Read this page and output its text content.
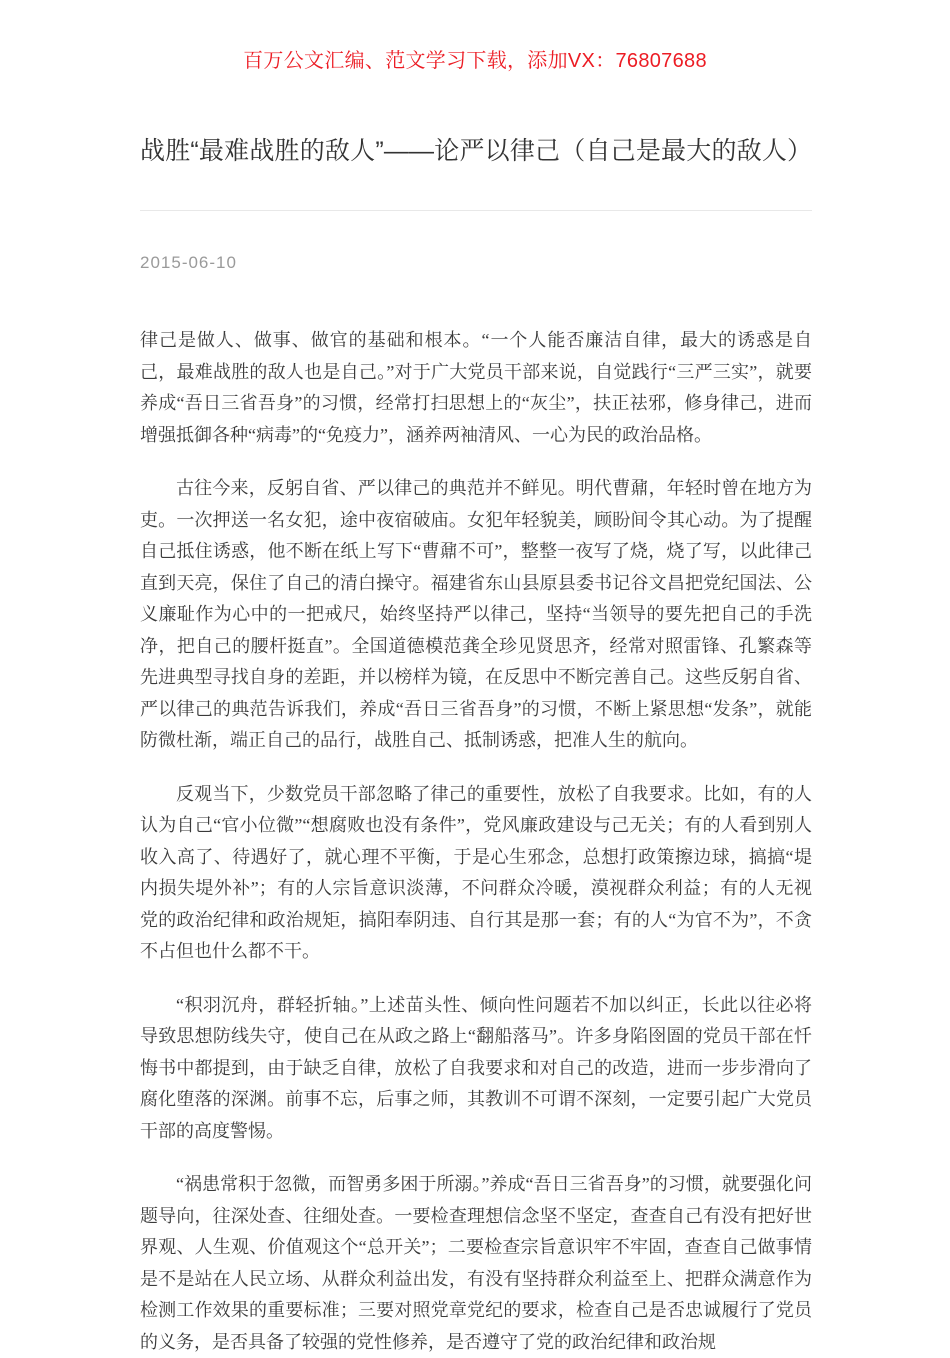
百万公文汇编、范文学习下载，添加VX：76807688
战胜“最难战胜的敌人”——论严以律己（自己是最大的敌人）
2015-06-10

律己是做人、做事、做官的基础和根本。“一个人能否廉洁自律，最大的诱惑是自己，最难战胜的敌人也是自己。”对于广大党员干部来说，自觉践行“三严三实”，就要养成“吾日三省吾身”的习惯，经常打扫思想上的“灰尘”，扶正祛邪，修身律己，进而增强抵御各种“病毒”的“免疫力”，涵养两袖清风、一心为民的政治品格。

古往今来，反躬自省、严以律己的典范并不鲜见。明代曹鼐，年轻时曾在地方为吏。一次押送一名女犯，途中夜宿破庙。女犯年轻貌美，顾盼间令其心动。为了提醒自己抵住诱惑，他不断在纸上写下“曹鼐不可”，整整一夜写了烧，烧了写，以此律己直到天亮，保住了自己的清白操守。福建省东山县原县委书记谷文昌把党纪国法、公义廉耻作为心中的一把戒尺，始终坚持严以律己，坚持“当领导的要先把自己的手洗净，把自己的腰杆挺直”。全国道德模范龚全珍见贤思齐，经常对照雷锋、孔繁森等先进典型寻找自身的差距，并以榜样为镜，在反思中不断完善自己。这些反躬自省、严以律己的典范告诉我们，养成“吾日三省吾身”的习惯，不断上紧思想“发条”，就能防微杜渐，端正自己的品行，战胜自己、抵制诱惑，把准人生的航向。

反观当下，少数党员干部忽略了律己的重要性，放松了自我要求。比如，有的人认为自己“官小位微”“想腐败也没有条件”，党风廉政建设与己无关；有的人看到别人收入高了、待遇好了，就心理不平衡，于是心生邪念，总想打政策擦边球，搞搞“堤内损失堤外补”；有的人宗旨意识淡薄，不问群众冷暖，漠视群众利益；有的人无视党的政治纪律和政治规矩，搞阳奉阴违、自行其是那一套；有的人“为官不为”，不贪不占但也什么都不干。

“积羽沉舟，群轻折轴。”上述苗头性、倾向性问题若不加以纠正，长此以往必将导致思想防线失守，使自己在从政之路上“翻船落马”。许多身陷囹圄的党员干部在忏悔书中都提到，由于缺乏自律，放松了自我要求和对自己的改造，进而一步步滑向了腐化堕落的深渊。前事不忘，后事之师，其教训不可谓不深刻，一定要引起广大党员干部的高度警惕。

“祸患常积于忽微，而智勇多困于所溺。”养成“吾日三省吾身”的习惯，就要强化问题导向，往深处查、往细处查。一要检查理想信念坚不坚定，查查自己有没有把好世界观、人生观、价值观这个“总开关”；二要检查宗旨意识牢不牢固，查查自己做事情是不是站在人民立场、从群众利益出发，有没有坚持群众利益至上、把群众满意作为检测工作效果的重要标准；三要对照党章党纪的要求，检查自己是否忠诚履行了党员的义务，是否具备了较强的党性修养，是否遵守了党的政治纪律和政治规
